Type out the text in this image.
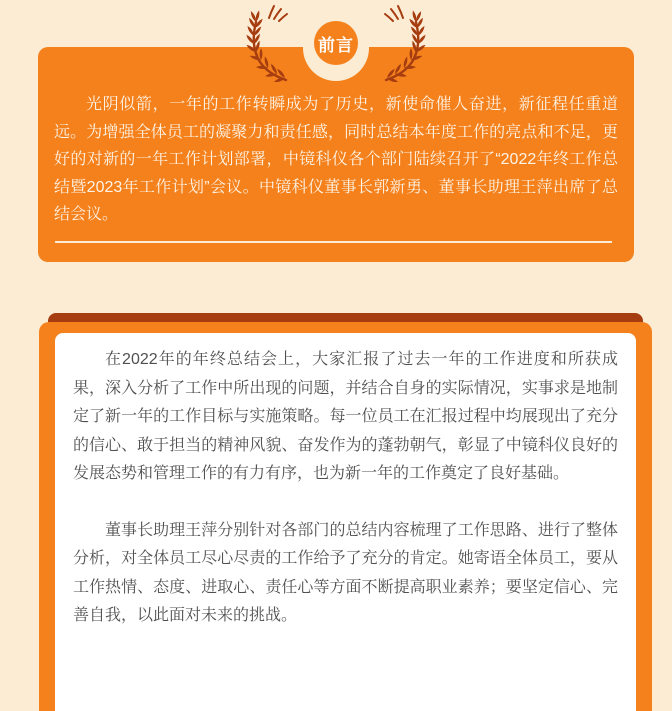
光阴似箭，一年的工作转瞬成为了历史，新使命催人奋进，新征程任重道远。为增强全体员工的凝聚力和责任感，同时总结本年度工作的亮点和不足，更好的对新的一年工作计划部署，中镜科仪各个部门陆续召开了“2022年终工作总结暨2023年工作计划”会议。中镜科仪董事长郭新勇、董事长助理王萍出席了总结会议。

前言

在2022年的年终总结会上，大家汇报了过去一年的工作进度和所获成果，深入分析了工作中所出现的问题，并结合自身的实际情况，实事求是地制定了新一年的工作目标与实施策略。每一位员工在汇报过程中均展现出了充分的信心、敢于担当的精神风貌、奋发作为的蓬勃朝气，彰显了中镜科仪良好的发展态势和管理工作的有力有序，也为新一年的工作奠定了良好基础。

董事长助理王萍分别针对各部门的总结内容梳理了工作思路、进行了整体分析，对全体员工尽心尽责的工作给予了充分的肯定。她寄语全体员工，要从工作热情、态度、进取心、责任心等方面不断提高职业素养；要坚定信心、完善自我，以此面对未来的挑战。
